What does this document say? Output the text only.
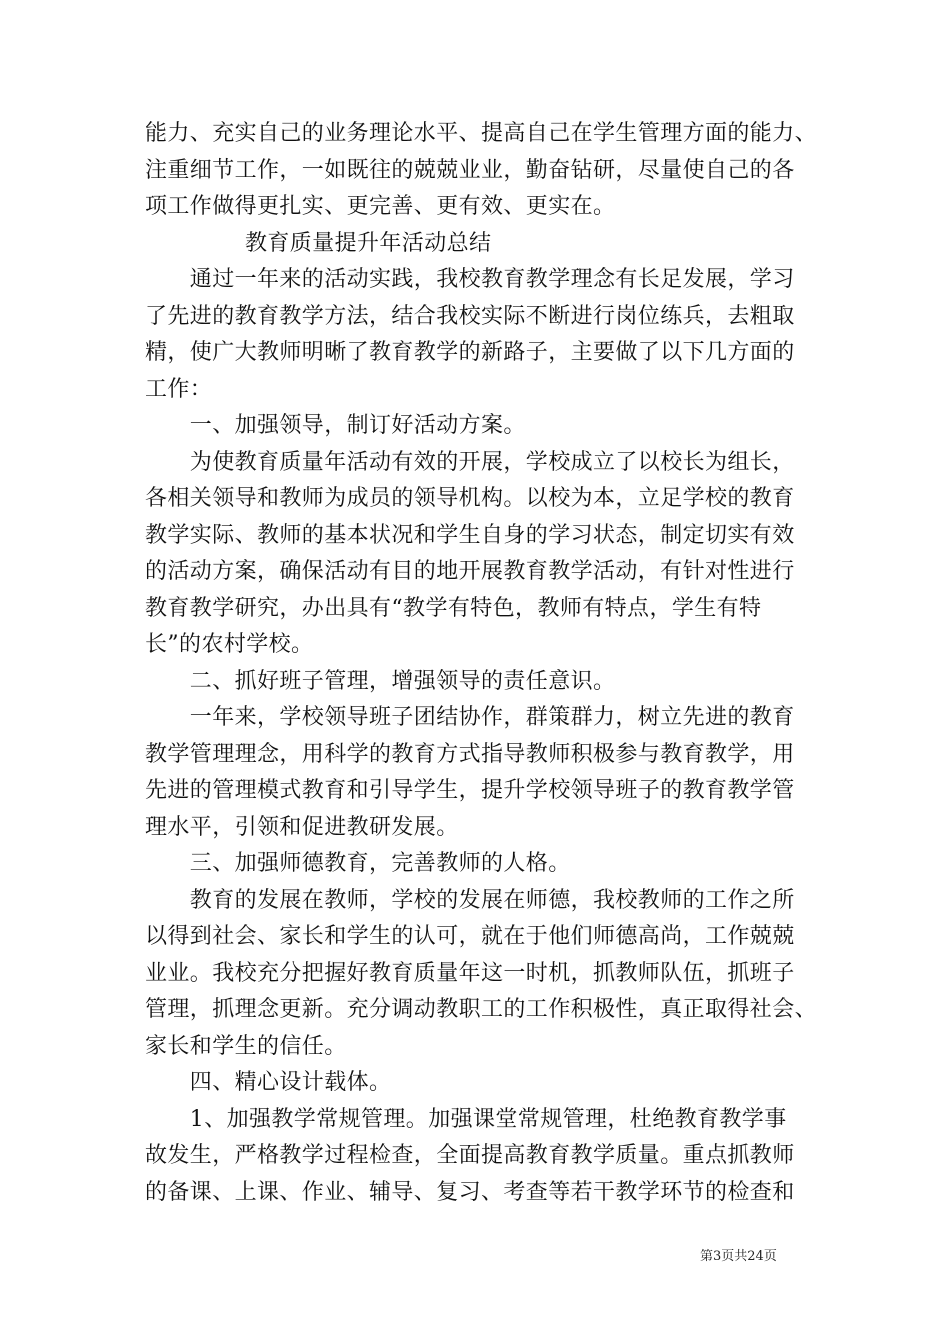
能力、充实自己的业务理论水平、提高自己在学生管理方面的能力、
注重细节工作，一如既往的兢兢业业，勤奋钻研，尽量使自己的各
项工作做得更扎实、更完善、更有效、更实在。
教育质量提升年活动总结
　　通过一年来的活动实践，我校教育教学理念有长足发展，学习
了先进的教育教学方法，结合我校实际不断进行岗位练兵，去粗取
精，使广大教师明晰了教育教学的新路子，主要做了以下几方面的
工作：
　　一、加强领导，制订好活动方案。
　　为使教育质量年活动有效的开展，学校成立了以校长为组长，
各相关领导和教师为成员的领导机构。以校为本，立足学校的教育
教学实际、教师的基本状况和学生自身的学习状态，制定切实有效
的活动方案，确保活动有目的地开展教育教学活动，有针对性进行
教育教学研究，办出具有“教学有特色，教师有特点，学生有特
长”的农村学校。
　　二、抓好班子管理，增强领导的责任意识。
　　一年来，学校领导班子团结协作，群策群力，树立先进的教育
教学管理理念，用科学的教育方式指导教师积极参与教育教学，用
先进的管理模式教育和引导学生，提升学校领导班子的教育教学管
理水平，引领和促进教研发展。
　　三、加强师德教育，完善教师的人格。
　　教育的发展在教师，学校的发展在师德，我校教师的工作之所
以得到社会、家长和学生的认可，就在于他们师德高尚，工作兢兢
业业。我校充分把握好教育质量年这一时机，抓教师队伍，抓班子
管理，抓理念更新。充分调动教职工的工作积极性，真正取得社会、
家长和学生的信任。
　　四、精心设计载体。
　　1、加强教学常规管理。加强课堂常规管理，杜绝教育教学事
故发生，严格教学过程检查，全面提高教育教学质量。重点抓教师
的备课、上课、作业、辅导、复习、考查等若干教学环节的检查和
第3页共24页
